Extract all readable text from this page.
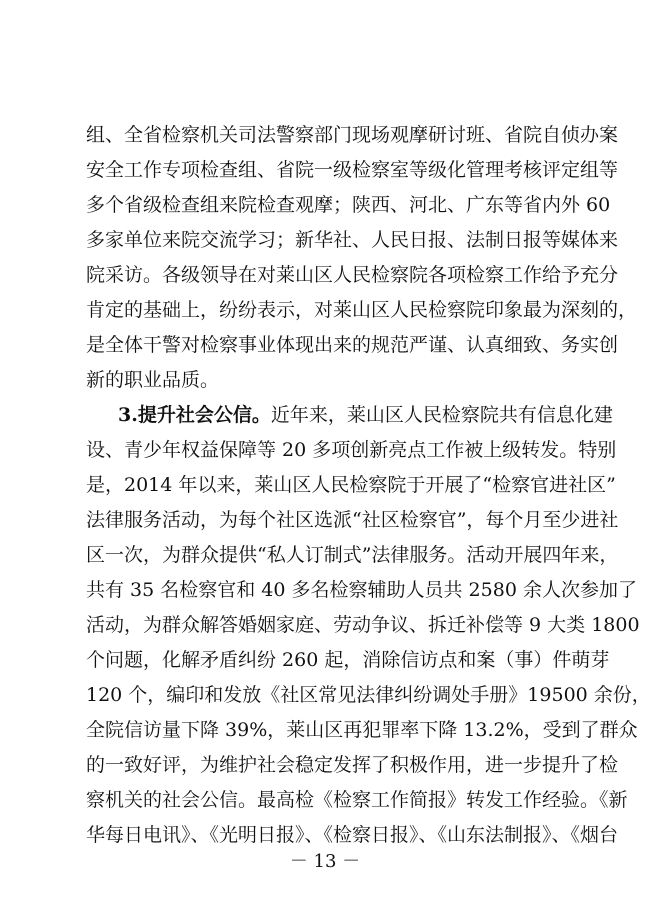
组、全省检察机关司法警察部门现场观摩研讨班、省院自侦办案
安全工作专项检查组、省院一级检察室等级化管理考核评定组等
多个省级检查组来院检查观摩；陕西、河北、广东等省内外 60
多家单位来院交流学习；新华社、人民日报、法制日报等媒体来
院采访。各级领导在对莱山区人民检察院各项检察工作给予充分
肯定的基础上，纷纷表示，对莱山区人民检察院印象最为深刻的，
是全体干警对检察事业体现出来的规范严谨、认真细致、务实创
新的职业品质。
3.提升社会公信。近年来，莱山区人民检察院共有信息化建
设、青少年权益保障等 20 多项创新亮点工作被上级转发。特别
是，2014 年以来，莱山区人民检察院于开展了“检察官进社区”
法律服务活动，为每个社区选派“社区检察官”，每个月至少进社
区一次，为群众提供“私人订制式”法律服务。活动开展四年来，
共有 35 名检察官和 40 多名检察辅助人员共 2580 余人次参加了
活动，为群众解答婚姻家庭、劳动争议、拆迁补偿等 9 大类 1800
个问题，化解矛盾纠纷 260 起，消除信访点和案（事）件萌芽
120 个，编印和发放《社区常见法律纠纷调处手册》19500 余份，
全院信访量下降 39%，莱山区再犯罪率下降 13.2%，受到了群众
的一致好评，为维护社会稳定发挥了积极作用，进一步提升了检
察机关的社会公信。最高检《检察工作简报》转发工作经验。《新
华每日电讯》、《光明日报》、《检察日报》、《山东法制报》、《烟台
－ 13 －
